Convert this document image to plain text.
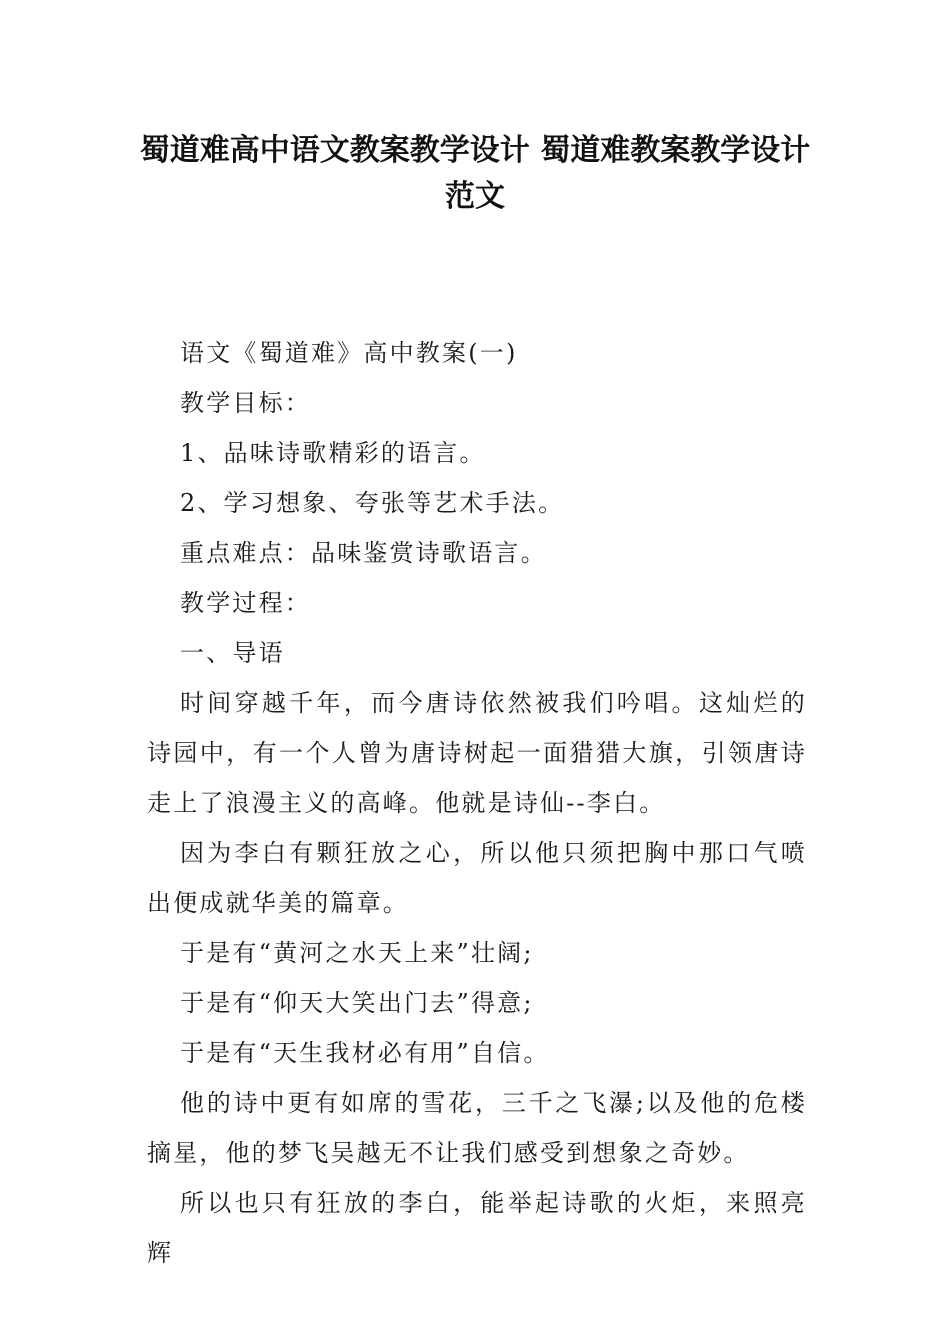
蜀道难高中语文教案教学设计 蜀道难教案教学设计
范文

语文《蜀道难》高中教案(一)

教学目标：

1、品味诗歌精彩的语言。

2、学习想象、夸张等艺术手法。

重点难点：品味鉴赏诗歌语言。

教学过程：

一、导语

时间穿越千年，而今唐诗依然被我们吟唱。这灿烂的诗园中，有一个人曾为唐诗树起一面猎猎大旗，引领唐诗走上了浪漫主义的高峰。他就是诗仙--李白。

因为李白有颗狂放之心，所以他只须把胸中那口气喷出便成就华美的篇章。

于是有“黄河之水天上来”壮阔;

于是有“仰天大笑出门去”得意;

于是有“天生我材必有用”自信。

他的诗中更有如席的雪花，三千之飞瀑;以及他的危楼摘星，他的梦飞吴越无不让我们感受到想象之奇妙。

所以也只有狂放的李白，能举起诗歌的火炬，来照亮辉
